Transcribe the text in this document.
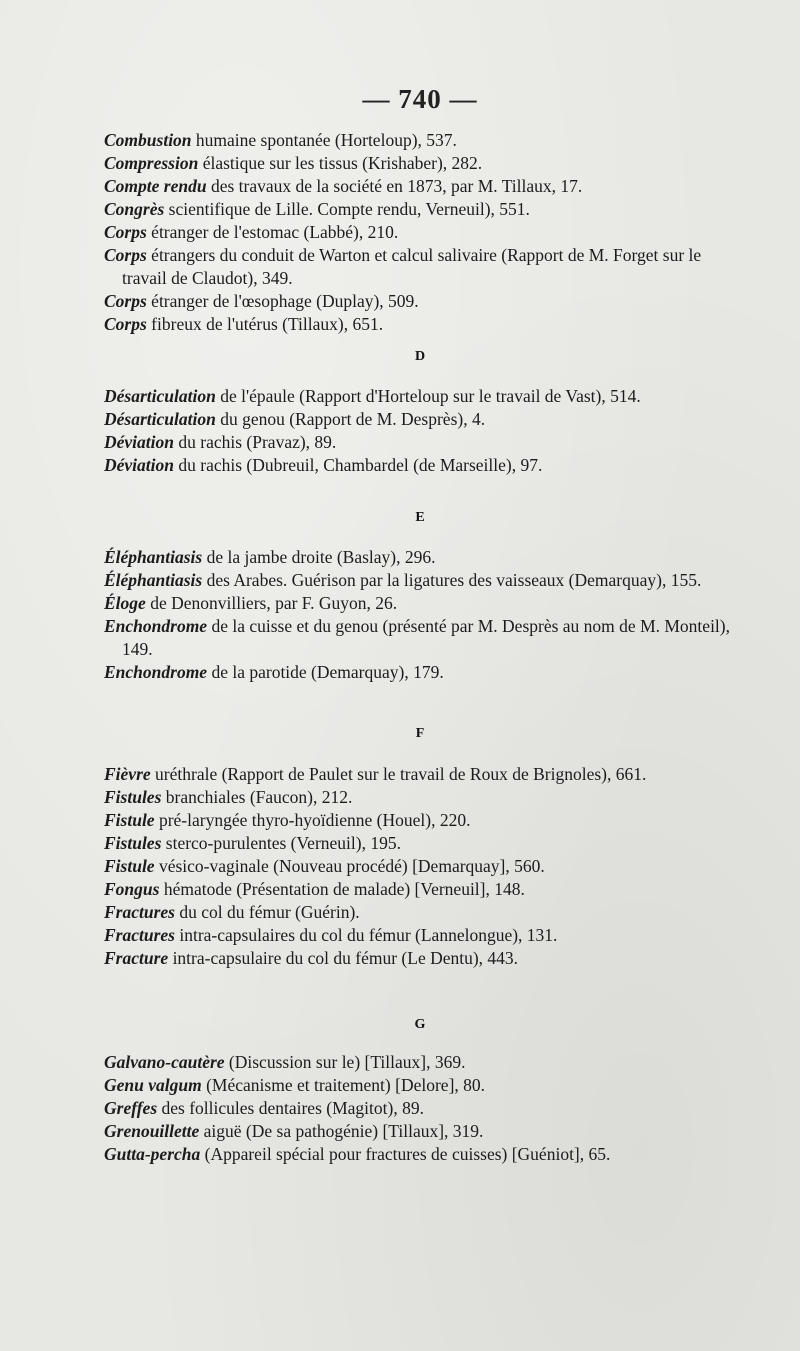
— 740 —
Combustion humaine spontanée (Horteloup), 537.
Compression élastique sur les tissus (Krishaber), 282.
Compte rendu des travaux de la société en 1873, par M. Tillaux, 17.
Congrès scientifique de Lille. Compte rendu, Verneuil), 551.
Corps étranger de l'estomac (Labbé), 210.
Corps étrangers du conduit de Warton et calcul salivaire (Rapport de M. Forget sur le travail de Claudot), 349.
Corps étranger de l'œsophage (Duplay), 509.
Corps fibreux de l'utérus (Tillaux), 651.
D
Désarticulation de l'épaule (Rapport d'Horteloup sur le travail de Vast), 514.
Désarticulation du genou (Rapport de M. Desprès), 4.
Déviation du rachis (Pravaz), 89.
Déviation du rachis (Dubreuil, Chambardel (de Marseille), 97.
E
Éléphantiasis de la jambe droite (Baslay), 296.
Éléphantiasis des Arabes. Guérison par la ligatures des vaisseaux (Demarquay), 155.
Éloge de Denonvilliers, par F. Guyon, 26.
Enchondrome de la cuisse et du genou (présenté par M. Desprès au nom de M. Monteil), 149.
Enchondrome de la parotide (Demarquay), 179.
F
Fièvre uréthrale (Rapport de Paulet sur le travail de Roux de Brignoles), 661.
Fistules branchiales (Faucon), 212.
Fistule pré-laryngée thyro-hyoïdienne (Houel), 220.
Fistules sterco-purulentes (Verneuil), 195.
Fistule vésico-vaginale (Nouveau procédé) [Demarquay], 560.
Fongus hématode (Présentation de malade) [Verneuil], 148.
Fractures du col du fémur (Guérin).
Fractures intra-capsulaires du col du fémur (Lannelongue), 131.
Fracture intra-capsulaire du col du fémur (Le Dentu), 443.
G
Galvano-cautère (Discussion sur le) [Tillaux], 369.
Genu valgum (Mécanisme et traitement) [Delore], 80.
Greffes des follicules dentaires (Magitot), 89.
Grenouillette aiguë (De sa pathogénie) [Tillaux], 319.
Gutta-percha (Appareil spécial pour fractures de cuisses) [Guéniot], 65.
